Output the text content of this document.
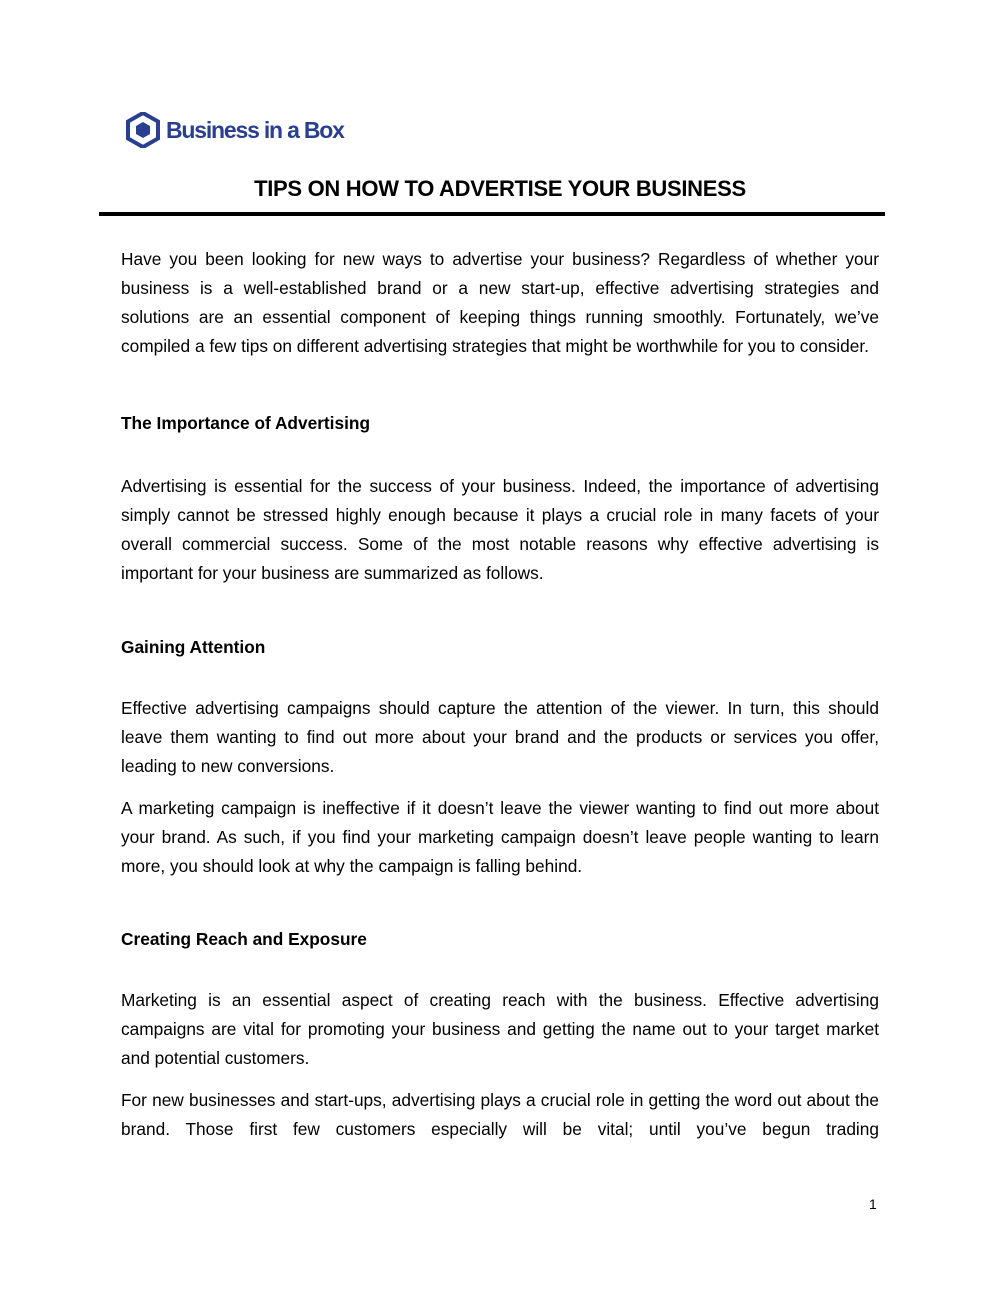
Business in a Box
TIPS ON HOW TO ADVERTISE YOUR BUSINESS

Have you been looking for new ways to advertise your business? Regardless of whether your business is a well-established brand or a new start-up, effective advertising strategies and solutions are an essential component of keeping things running smoothly. Fortunately, we’ve compiled a few tips on different advertising strategies that might be worthwhile for you to consider.

The Importance of Advertising

Advertising is essential for the success of your business. Indeed, the importance of advertising simply cannot be stressed highly enough because it plays a crucial role in many facets of your overall commercial success. Some of the most notable reasons why effective advertising is important for your business are summarized as follows.

Gaining Attention

Effective advertising campaigns should capture the attention of the viewer. In turn, this should leave them wanting to find out more about your brand and the products or services you offer, leading to new conversions.

A marketing campaign is ineffective if it doesn’t leave the viewer wanting to find out more about your brand. As such, if you find your marketing campaign doesn’t leave people wanting to learn more, you should look at why the campaign is falling behind.

Creating Reach and Exposure

Marketing is an essential aspect of creating reach with the business. Effective advertising campaigns are vital for promoting your business and getting the name out to your target market and potential customers.

For new businesses and start-ups, advertising plays a crucial role in getting the word out about the brand. Those first few customers especially will be vital; until you’ve begun trading

1
